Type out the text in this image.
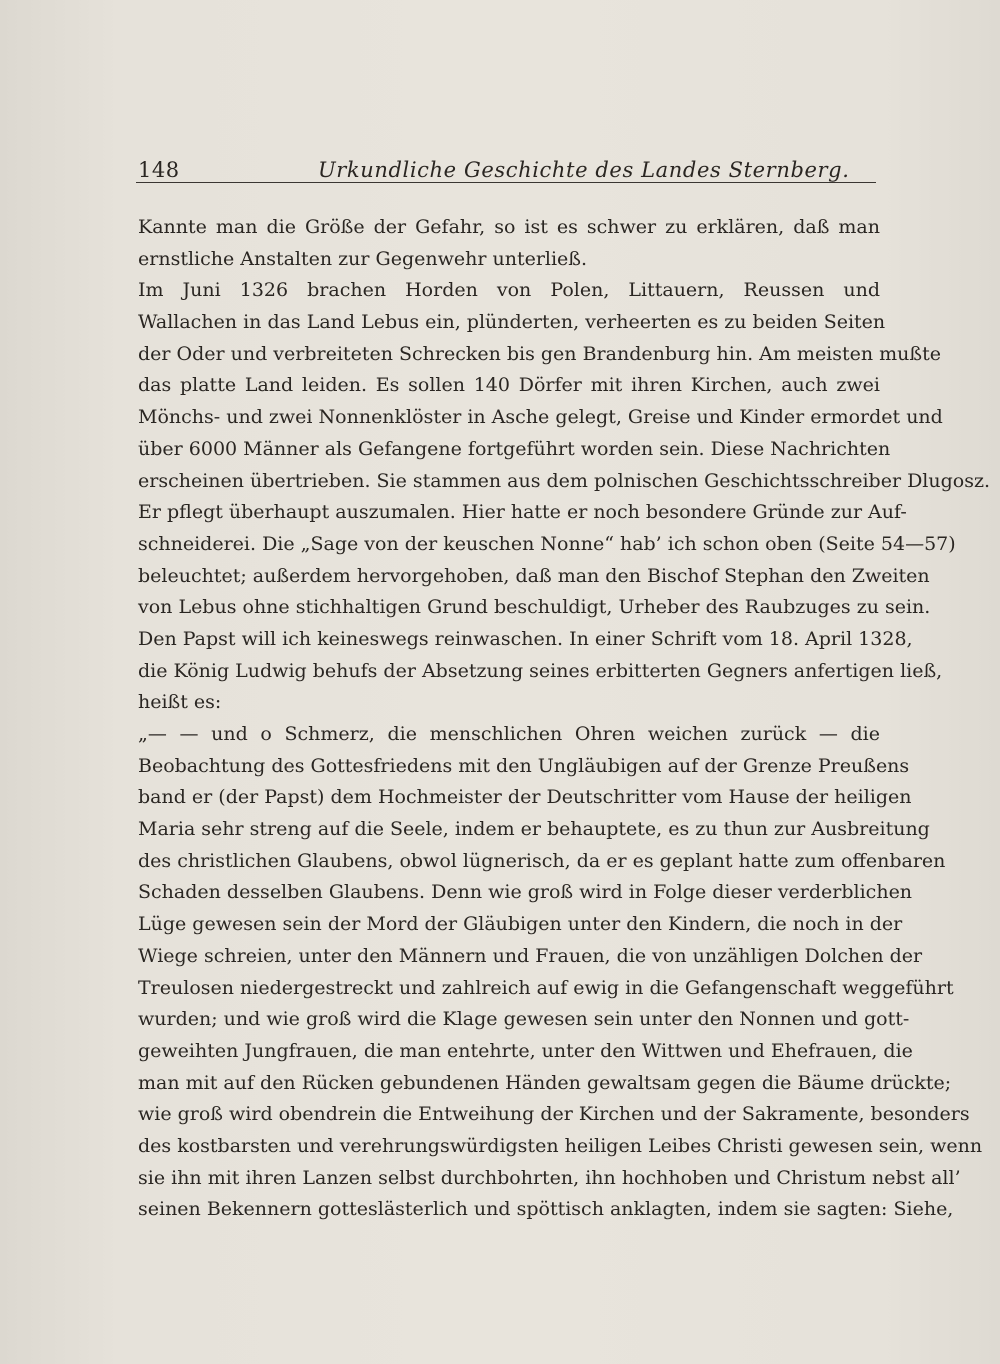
148	Urkundliche Geschichte des Landes Sternberg.
Kannte man die Größe der Gefahr, so ist es schwer zu erklären, daß man
ernstliche Anstalten zur Gegenwehr unterließ.
Im Juni 1326 brachen Horden von Polen, Littauern, Reussen und
Wallachen in das Land Lebus ein, plünderten, verheerten es zu beiden Seiten
der Oder und verbreiteten Schrecken bis gen Brandenburg hin. Am meisten mußte
das platte Land leiden. Es sollen 140 Dörfer mit ihren Kirchen, auch zwei
Mönchs- und zwei Nonnenklöster in Asche gelegt, Greise und Kinder ermordet und
über 6000 Männer als Gefangene fortgeführt worden sein. Diese Nachrichten
erscheinen übertrieben. Sie stammen aus dem polnischen Geschichtsschreiber Dlugosz.
Er pflegt überhaupt auszumalen. Hier hatte er noch besondere Gründe zur Auf-
schneiderei. Die „Sage von der keuschen Nonne“ hab’ ich schon oben (Seite 54—57)
beleuchtet; außerdem hervorgehoben, daß man den Bischof Stephan den Zweiten
von Lebus ohne stichhaltigen Grund beschuldigt, Urheber des Raubzuges zu sein.
Den Papst will ich keineswegs reinwaschen. In einer Schrift vom 18. April 1328,
die König Ludwig behufs der Absetzung seines erbitterten Gegners anfertigen ließ,
heißt es:
„— — und o Schmerz, die menschlichen Ohren weichen zurück — die
Beobachtung des Gottesfriedens mit den Ungläubigen auf der Grenze Preußens
band er (der Papst) dem Hochmeister der Deutschritter vom Hause der heiligen
Maria sehr streng auf die Seele, indem er behauptete, es zu thun zur Ausbreitung
des christlichen Glaubens, obwol lügnerisch, da er es geplant hatte zum offenbaren
Schaden desselben Glaubens. Denn wie groß wird in Folge dieser verderblichen
Lüge gewesen sein der Mord der Gläubigen unter den Kindern, die noch in der
Wiege schreien, unter den Männern und Frauen, die von unzähligen Dolchen der
Treulosen niedergestreckt und zahlreich auf ewig in die Gefangenschaft weggeführt
wurden; und wie groß wird die Klage gewesen sein unter den Nonnen und gott-
geweihten Jungfrauen, die man entehrte, unter den Wittwen und Ehefrauen, die
man mit auf den Rücken gebundenen Händen gewaltsam gegen die Bäume drückte;
wie groß wird obendrein die Entweihung der Kirchen und der Sakramente, besonders
des kostbarsten und verehrungswürdigsten heiligen Leibes Christi gewesen sein, wenn
sie ihn mit ihren Lanzen selbst durchbohrten, ihn hochhoben und Christum nebst all’
seinen Bekennern gotteslästerlich und spöttisch anklagten, indem sie sagten: Siehe,
